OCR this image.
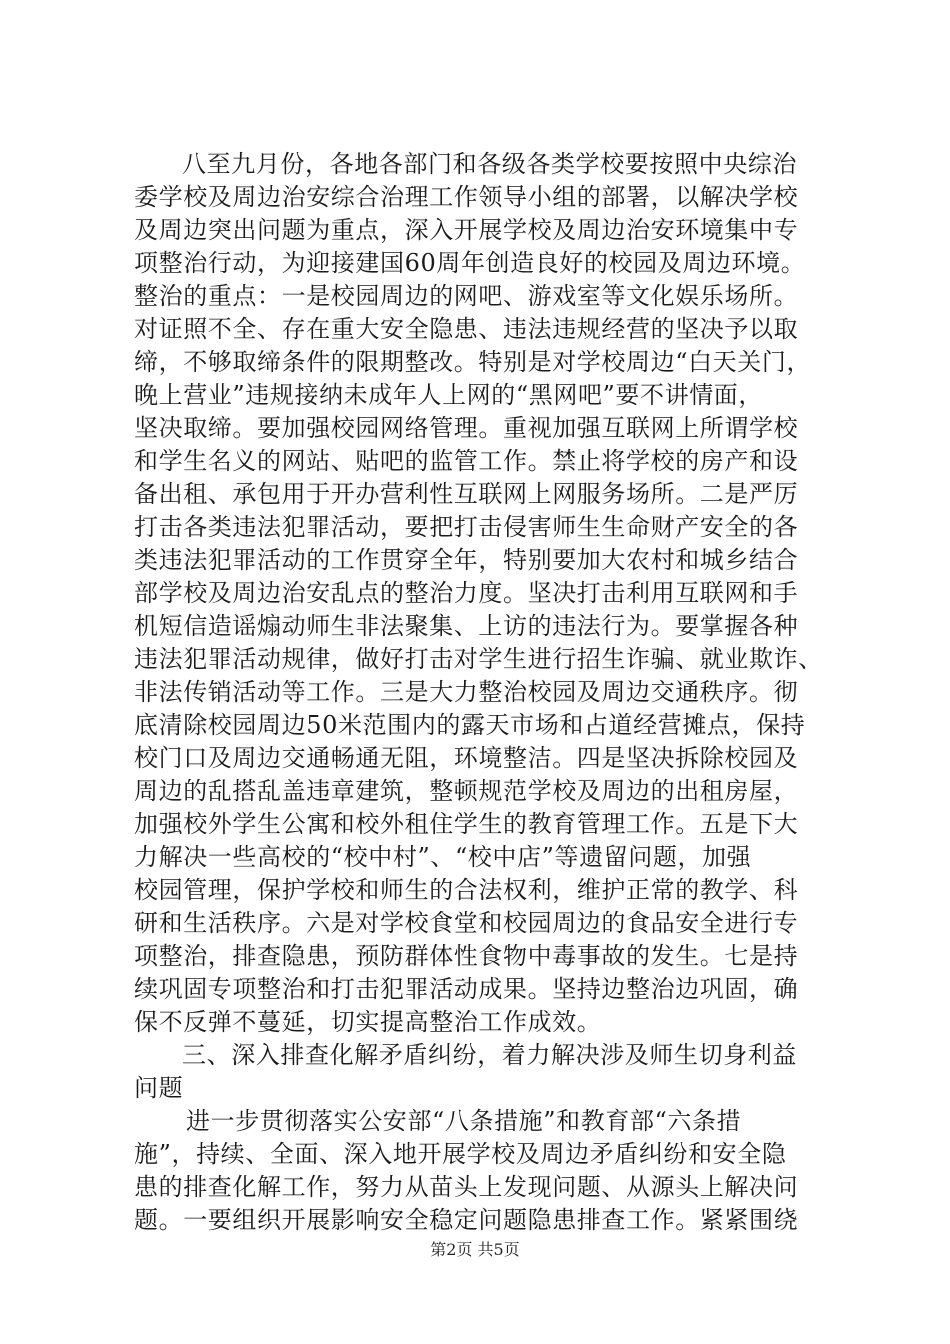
八至九月份，各地各部门和各级各类学校要按照中央综治
委学校及周边治安综合治理工作领导小组的部署，以解决学校
及周边突出问题为重点，深入开展学校及周边治安环境集中专
项整治行动，为迎接建国60周年创造良好的校园及周边环境。
整治的重点：一是校园周边的网吧、游戏室等文化娱乐场所。
对证照不全、存在重大安全隐患、违法违规经营的坚决予以取
缔，不够取缔条件的限期整改。特别是对学校周边“白天关门，
晚上营业”违规接纳未成年人上网的“黑网吧”要不讲情面，
坚决取缔。要加强校园网络管理。重视加强互联网上所谓学校
和学生名义的网站、贴吧的监管工作。禁止将学校的房产和设
备出租、承包用于开办营利性互联网上网服务场所。二是严厉
打击各类违法犯罪活动，要把打击侵害师生生命财产安全的各
类违法犯罪活动的工作贯穿全年，特别要加大农村和城乡结合
部学校及周边治安乱点的整治力度。坚决打击利用互联网和手
机短信造谣煽动师生非法聚集、上访的违法行为。要掌握各种
违法犯罪活动规律，做好打击对学生进行招生诈骗、就业欺诈、
非法传销活动等工作。三是大力整治校园及周边交通秩序。彻
底清除校园周边50米范围内的露天市场和占道经营摊点，保持
校门口及周边交通畅通无阻，环境整洁。四是坚决拆除校园及
周边的乱搭乱盖违章建筑，整顿规范学校及周边的出租房屋，
加强校外学生公寓和校外租住学生的教育管理工作。五是下大
力解决一些高校的“校中村”、“校中店”等遗留问题，加强
校园管理，保护学校和师生的合法权利，维护正常的教学、科
研和生活秩序。六是对学校食堂和校园周边的食品安全进行专
项整治，排查隐患，预防群体性食物中毒事故的发生。七是持
续巩固专项整治和打击犯罪活动成果。坚持边整治边巩固，确
保不反弹不蔓延，切实提高整治工作成效。
三、深入排查化解矛盾纠纷，着力解决涉及师生切身利益
问题
进一步贯彻落实公安部“八条措施”和教育部“六条措
施”，持续、全面、深入地开展学校及周边矛盾纠纷和安全隐
患的排查化解工作，努力从苗头上发现问题、从源头上解决问
题。一要组织开展影响安全稳定问题隐患排查工作。紧紧围绕
第2页 共5页
